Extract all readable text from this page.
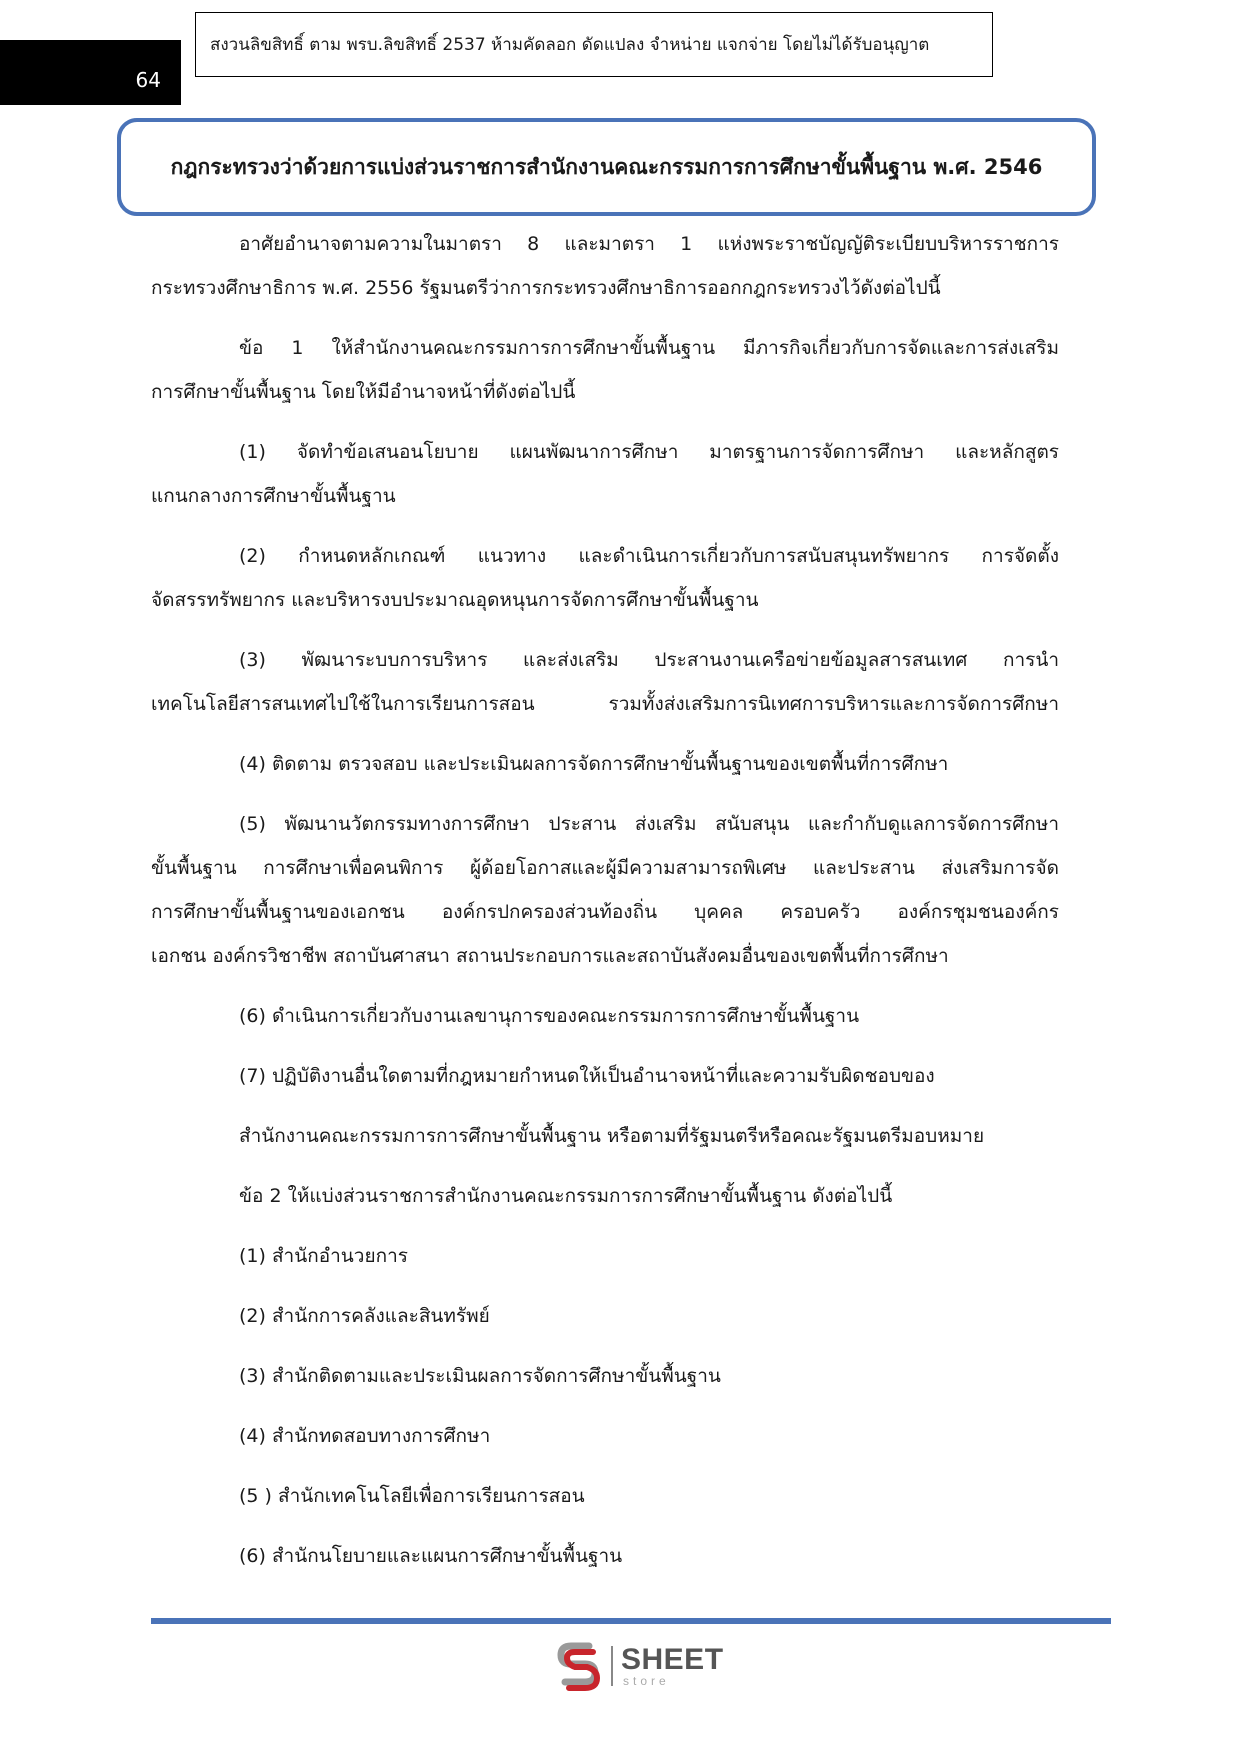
64
สงวนลิขสิทธิ์ ตาม พรบ.ลิขสิทธิ์ 2537 ห้ามคัดลอก ดัดแปลง จำหน่าย แจกจ่าย โดยไม่ได้รับอนุญาต
กฎกระทรวงว่าด้วยการแบ่งส่วนราชการสำนักงานคณะกรรมการการศึกษาขั้นพื้นฐาน พ.ศ. 2546

อาศัยอำนาจตามความในมาตรา 8 และมาตรา 1 แห่งพระราชบัญญัติระเบียบบริหารราชการ
กระทรวงศึกษาธิการ พ.ศ. 2556 รัฐมนตรีว่าการกระทรวงศึกษาธิการออกกฎกระทรวงไว้ดังต่อไปนี้

ข้อ 1 ให้สำนักงานคณะกรรมการการศึกษาขั้นพื้นฐาน มีภารกิจเกี่ยวกับการจัดและการส่งเสริม
การศึกษาขั้นพื้นฐาน โดยให้มีอำนาจหน้าที่ดังต่อไปนี้

(1) จัดทำข้อเสนอนโยบาย แผนพัฒนาการศึกษา มาตรฐานการจัดการศึกษา และหลักสูตร
แกนกลางการศึกษาขั้นพื้นฐาน

(2) กำหนดหลักเกณฑ์ แนวทาง และดำเนินการเกี่ยวกับการสนับสนุนทรัพยากร การจัดตั้ง
จัดสรรทรัพยากร และบริหารงบประมาณอุดหนุนการจัดการศึกษาขั้นพื้นฐาน

(3) พัฒนาระบบการบริหาร และส่งเสริม ประสานงานเครือข่ายข้อมูลสารสนเทศ การนำ
เทคโนโลยีสารสนเทศไปใช้ในการเรียนการสอน รวมทั้งส่งเสริมการนิเทศการบริหารและการจัดการศึกษา

(4) ติดตาม ตรวจสอบ และประเมินผลการจัดการศึกษาขั้นพื้นฐานของเขตพื้นที่การศึกษา

(5) พัฒนานวัตกรรมทางการศึกษา ประสาน ส่งเสริม สนับสนุน และกำกับดูแลการจัดการศึกษา
ขั้นพื้นฐาน การศึกษาเพื่อคนพิการ ผู้ด้อยโอกาสและผู้มีความสามารถพิเศษ และประสาน ส่งเสริมการจัด
การศึกษาขั้นพื้นฐานของเอกชน องค์กรปกครองส่วนท้องถิ่น บุคคล ครอบครัว องค์กรชุมชนองค์กร
เอกชน องค์กรวิชาชีพ สถาบันศาสนา สถานประกอบการและสถาบันสังคมอื่นของเขตพื้นที่การศึกษา

(6) ดำเนินการเกี่ยวกับงานเลขานุการของคณะกรรมการการศึกษาขั้นพื้นฐาน

(7) ปฏิบัติงานอื่นใดตามที่กฎหมายกำหนดให้เป็นอำนาจหน้าที่และความรับผิดชอบของ

สำนักงานคณะกรรมการการศึกษาขั้นพื้นฐาน หรือตามที่รัฐมนตรีหรือคณะรัฐมนตรีมอบหมาย

ข้อ 2 ให้แบ่งส่วนราชการสำนักงานคณะกรรมการการศึกษาขั้นพื้นฐาน ดังต่อไปนี้

(1) สำนักอำนวยการ

(2) สำนักการคลังและสินทรัพย์

(3) สำนักติดตามและประเมินผลการจัดการศึกษาขั้นพื้นฐาน

(4) สำนักทดสอบทางการศึกษา

(5 ) สำนักเทคโนโลยีเพื่อการเรียนการสอน

(6) สำนักนโยบายและแผนการศึกษาขั้นพื้นฐาน

SHEET
store
